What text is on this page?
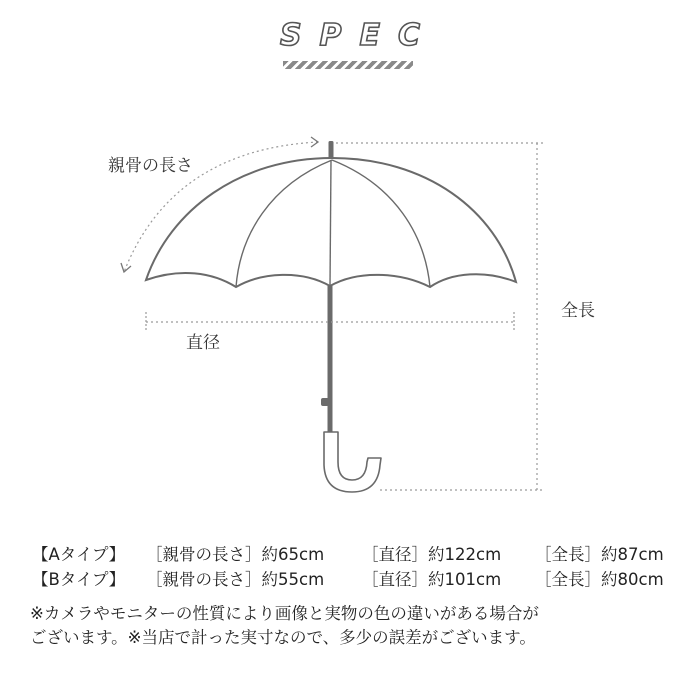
SPEC
親骨の長さ
直径
全長
【Aタイプ】 ［親骨の長さ］約65cm ［直径］約122cm ［全長］約87cm
【Bタイプ】 ［親骨の長さ］約55cm ［直径］約101cm ［全長］約80cm
※カメラやモニターの性質により画像と実物の色の違いがある場合が
ございます。※当店で計った実寸なので、多少の誤差がございます。
